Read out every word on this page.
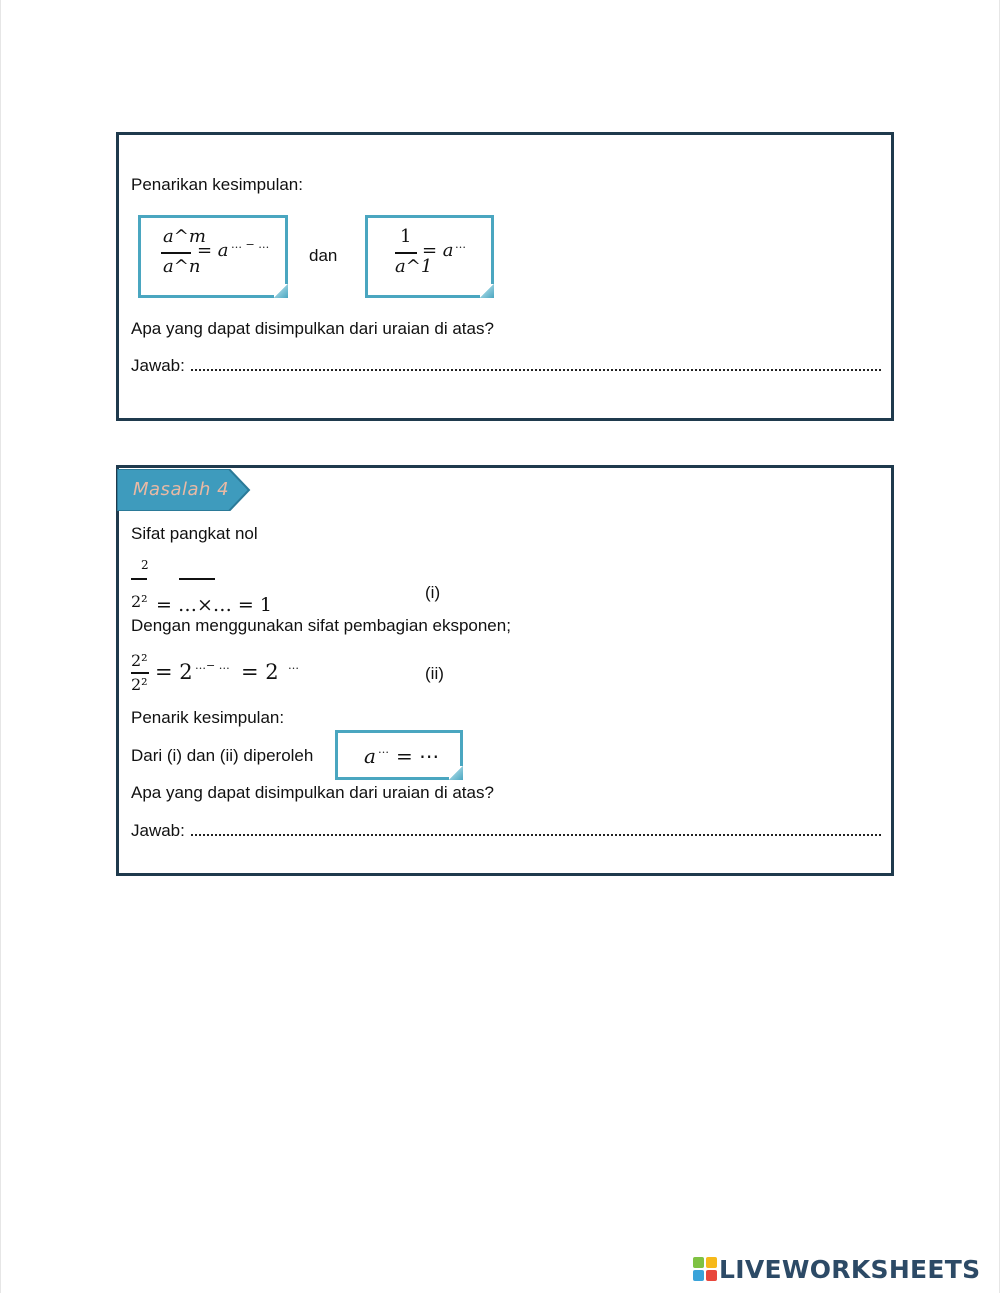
Penarikan kesimpulan:
a^m
a^n
= a … − …
dan
1
a^1
= a …
Apa yang dapat disimpulkan dari uraian di atas?
Jawab:
Masalah 4
Sifat pangkat nol
2
2² = …×… = 1
(i)
Dengan menggunakan sifat pembagian eksponen;
2²
2²
= 2 …− … = 2 …	(ii)
Penarik kesimpulan:
Dari (i) dan (ii) diperoleh	a … = ⋯
Apa yang dapat disimpulkan dari uraian di atas?
Jawab:
LIVEWORKSHEETS
